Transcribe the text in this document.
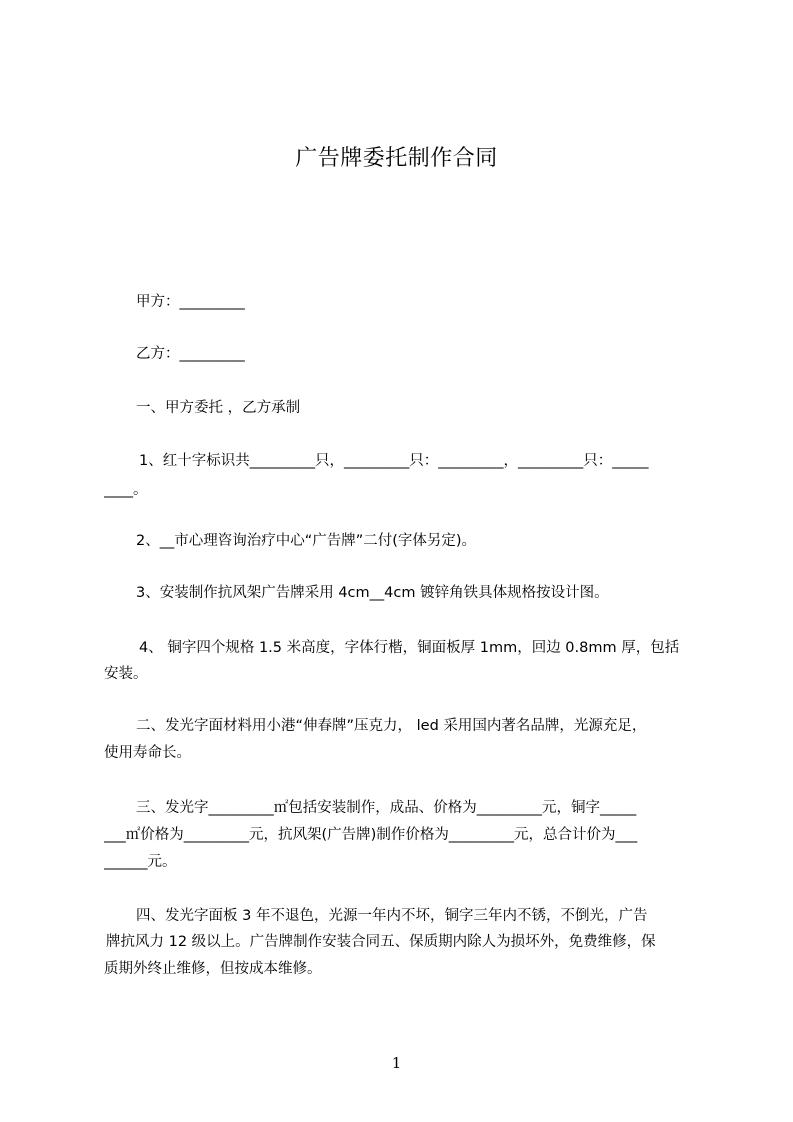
广告牌委托制作合同
甲方：_________
乙方：_________
一、甲方委托 ，乙方承制
1、红十字标识共_________只，_________只：_________，_________只：_____
____。
2、__市心理咨询治疗中心“广告牌”二付(字体另定)。
3、安装制作抗风架广告牌采用 4cm__4cm 镀锌角铁具体规格按设计图。
4、 铜字四个规格 1.5 米高度，字体行楷，铜面板厚 1mm，回边 0.8mm 厚，包括
安装。
二、发光字面材料用小港“伸春牌”压克力， led 采用国内著名品牌，光源充足，
使用寿命长。
三、发光字_________㎡包括安装制作，成品、价格为_________元，铜字_____
___㎡价格为_________元，抗风架(广告牌)制作价格为_________元，总合计价为___
______元。
四、发光字面板 3 年不退色，光源一年内不坏，铜字三年内不锈，不倒光，广告
牌抗风力 12 级以上。广告牌制作安装合同五、保质期内除人为损坏外，免费维修，保
质期外终止维修，但按成本维修。
1
